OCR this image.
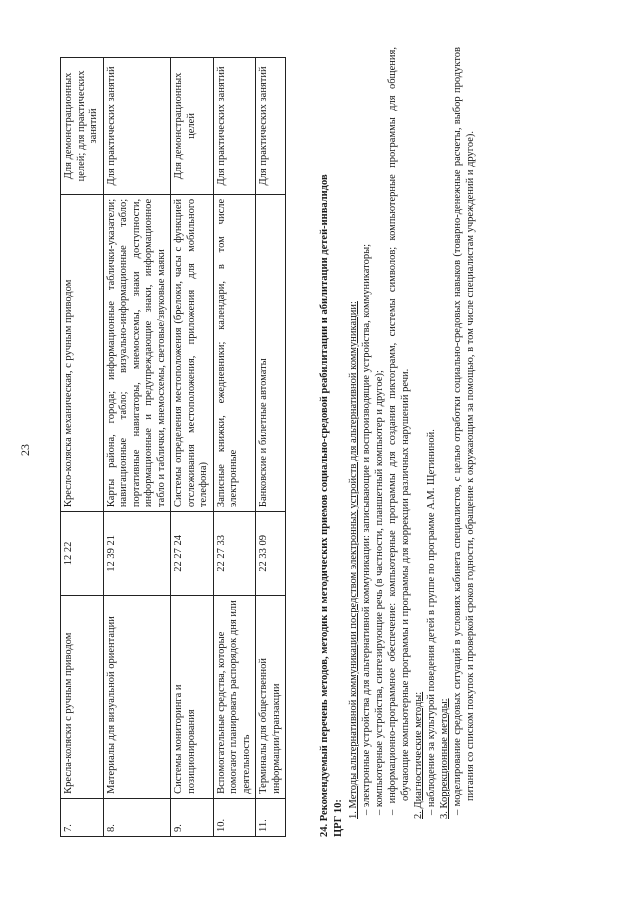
23
7.	Кресла-коляски с ручным приводом	12 22	Кресло-коляска механическая, с ручным приводом	Для демонстрационных целей; для практических занятий
8.	Материалы для визуальной ориентации	12 39 21	Карты района, города; информационные таблички-указатели; навигационные табло; визуально-информационные табло; портативные навигаторы, мнемосхемы, знаки доступности, информационные и предупреждающие знаки, информационное табло и таблички, мнемосхемы, световые/звуковые маяки	Для практических занятий
9.	Системы мониторинга и позиционирования	22 27 24	Системы определения местоположения (брелоки, часы с функцией отслеживания местоположения, приложения для мобильного телефона)	Для демонстрационных целей
10.	Вспомогательные средства, которые помогают планировать распорядок дня или деятельность	22 27 33	Записные книжки, ежедневники; календари, в том числе электронные	Для практических занятий
11.	Терминалы для общественной информации/транзакции	22 33 09	Банковские и билетные автоматы	Для практических занятий

24. Рекомендуемый перечень методов, методик и методических приемов социально-средовой реабилитации и абилитации детей-инвалидов ЦРГ 10: 1. Методы альтернативной коммуникации посредством электронных устройств для альтернативной коммуникации: – электронные устройства для альтернативной коммуникации: записывающие и воспроизводящие устройства, коммуникаторы; – компьютерные устройства, синтезирующие речь (в частности, планшетный компьютер и другое); – информационно-программное обеспечение: компьютерные программы для создания пиктограмм, системы символов; компьютерные программы для общения, обучающие компьютерные программы и программы для коррекции различных нарушений речи. 2. Диагностические методы: – наблюдение за культурой поведения детей в группе по программе А.М. Щетининой. 3. Коррекционные методы: – моделирование средовых ситуаций в условиях кабинета специалистов, с целью отработки социально-средовых навыков (товарно-денежные расчеты, выбор продуктов питания со списком покупок и проверкой сроков годности, обращение к окружающим за помощью, в том числе специалистам учреждений и другое).
